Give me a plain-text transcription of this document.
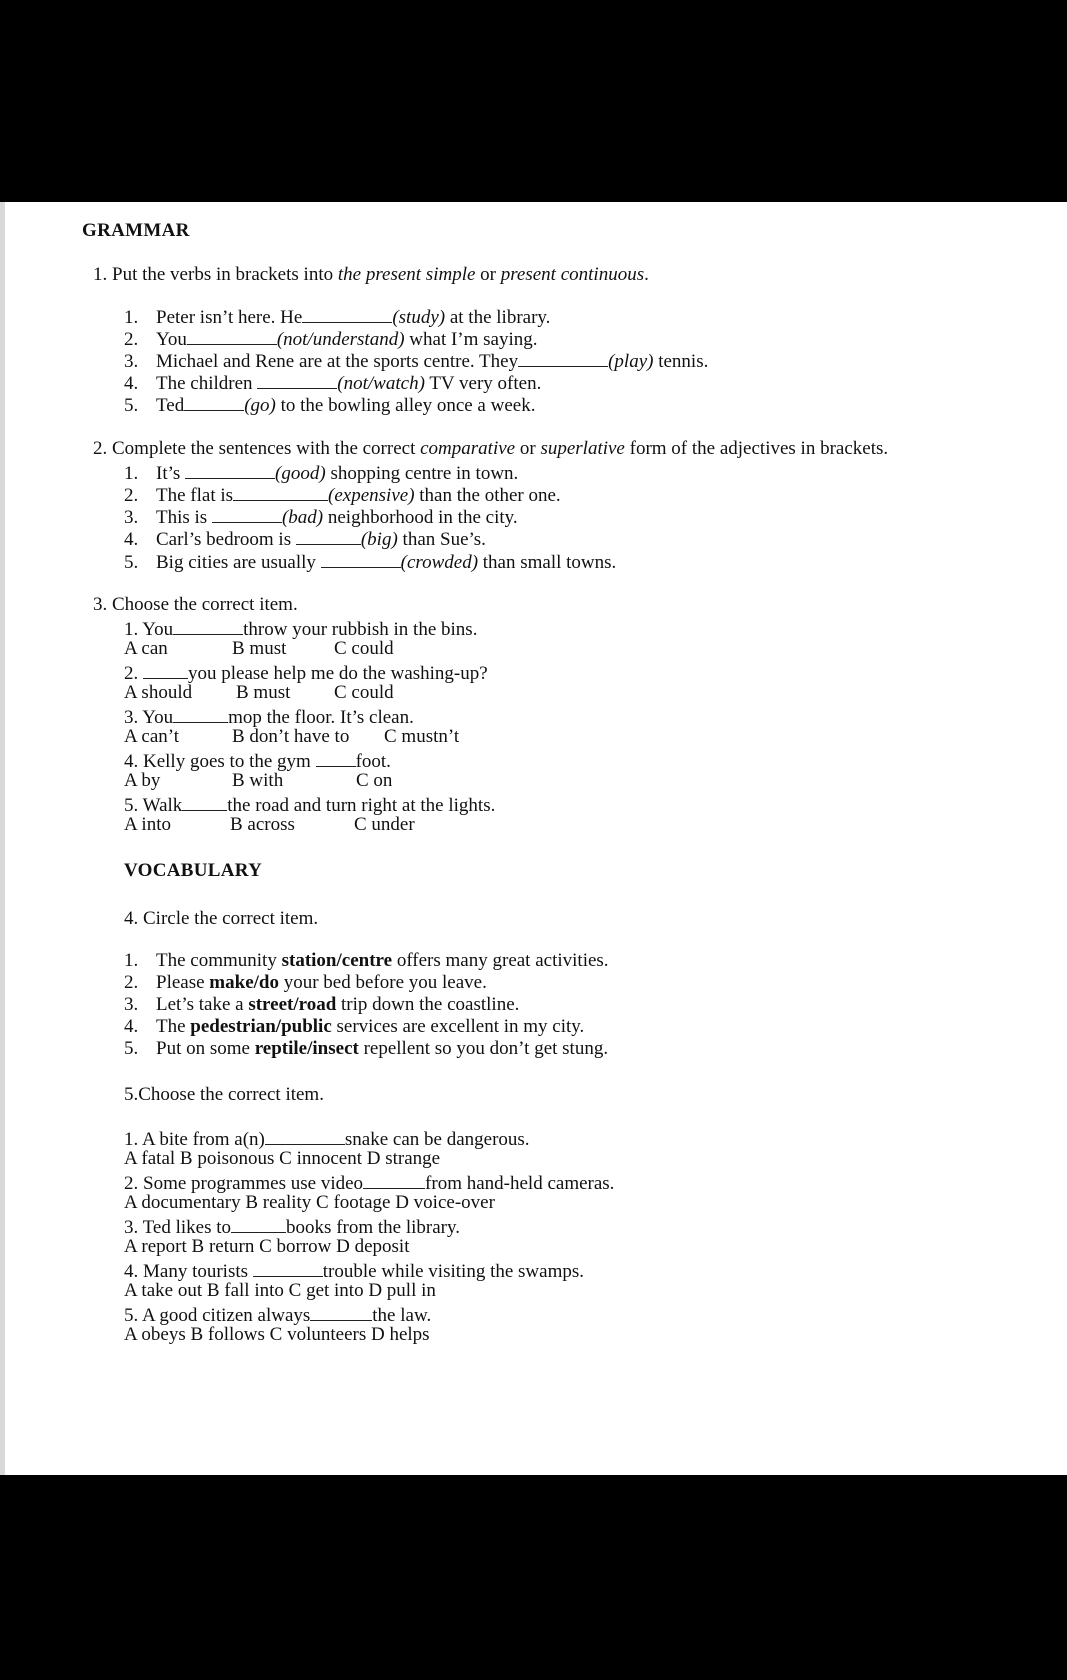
GRAMMAR
1. Put the verbs in brackets into the present simple or present continuous.
1. Peter isn’t here. He	(study) at the library.
2. You	(not/understand) what I’m saying.
3. Michael and Rene are at the sports centre. They	(play) tennis.
4. The children	(not/watch) TV very often.
5. Ted	(go) to the bowling alley once a week.
2. Complete the sentences with the correct comparative or superlative form of the adjectives in brackets.
1. It’s	(good) shopping centre in town.
2. The flat is	(expensive) than the other one.
3. This is	(bad) neighborhood in the city.
4. Carl’s bedroom is	(big) than Sue’s.
5. Big cities are usually	(crowded) than small towns.
3. Choose the correct item.
1. You	throw your rubbish in the bins.
A can	B must	C could
2. you please help me do the washing-up?
A should B must C could
3. You	mop the floor. It’s clean.
A can’t	B don’t have to C mustn’t
4. Kelly goes to the gym foot.
A by	B with	C on
5. Walk the road and turn right at the lights.
A into	B across	C under
VOCABULARY
4. Circle the correct item.
1. The community station/centre offers many great activities.
2. Please make/do your bed before you leave.
3. Let’s take a street/road trip down the coastline.
4. The pedestrian/public services are excellent in my city.
5. Put on some reptile/insect repellent so you don’t get stung.
5.Choose the correct item.
1. A bite from a(n)	snake can be dangerous.
A fatal B poisonous C innocent D strange
2. Some programmes use video	from hand-held cameras.
A documentary B reality C footage D voice-over
3. Ted likes to	books from the library.
A report B return C borrow D deposit
4. Many tourists	trouble while visiting the swamps.
A take out B fall into C get into D pull in
5. A good citizen always	the law.
A obeys B follows C volunteers D helps
